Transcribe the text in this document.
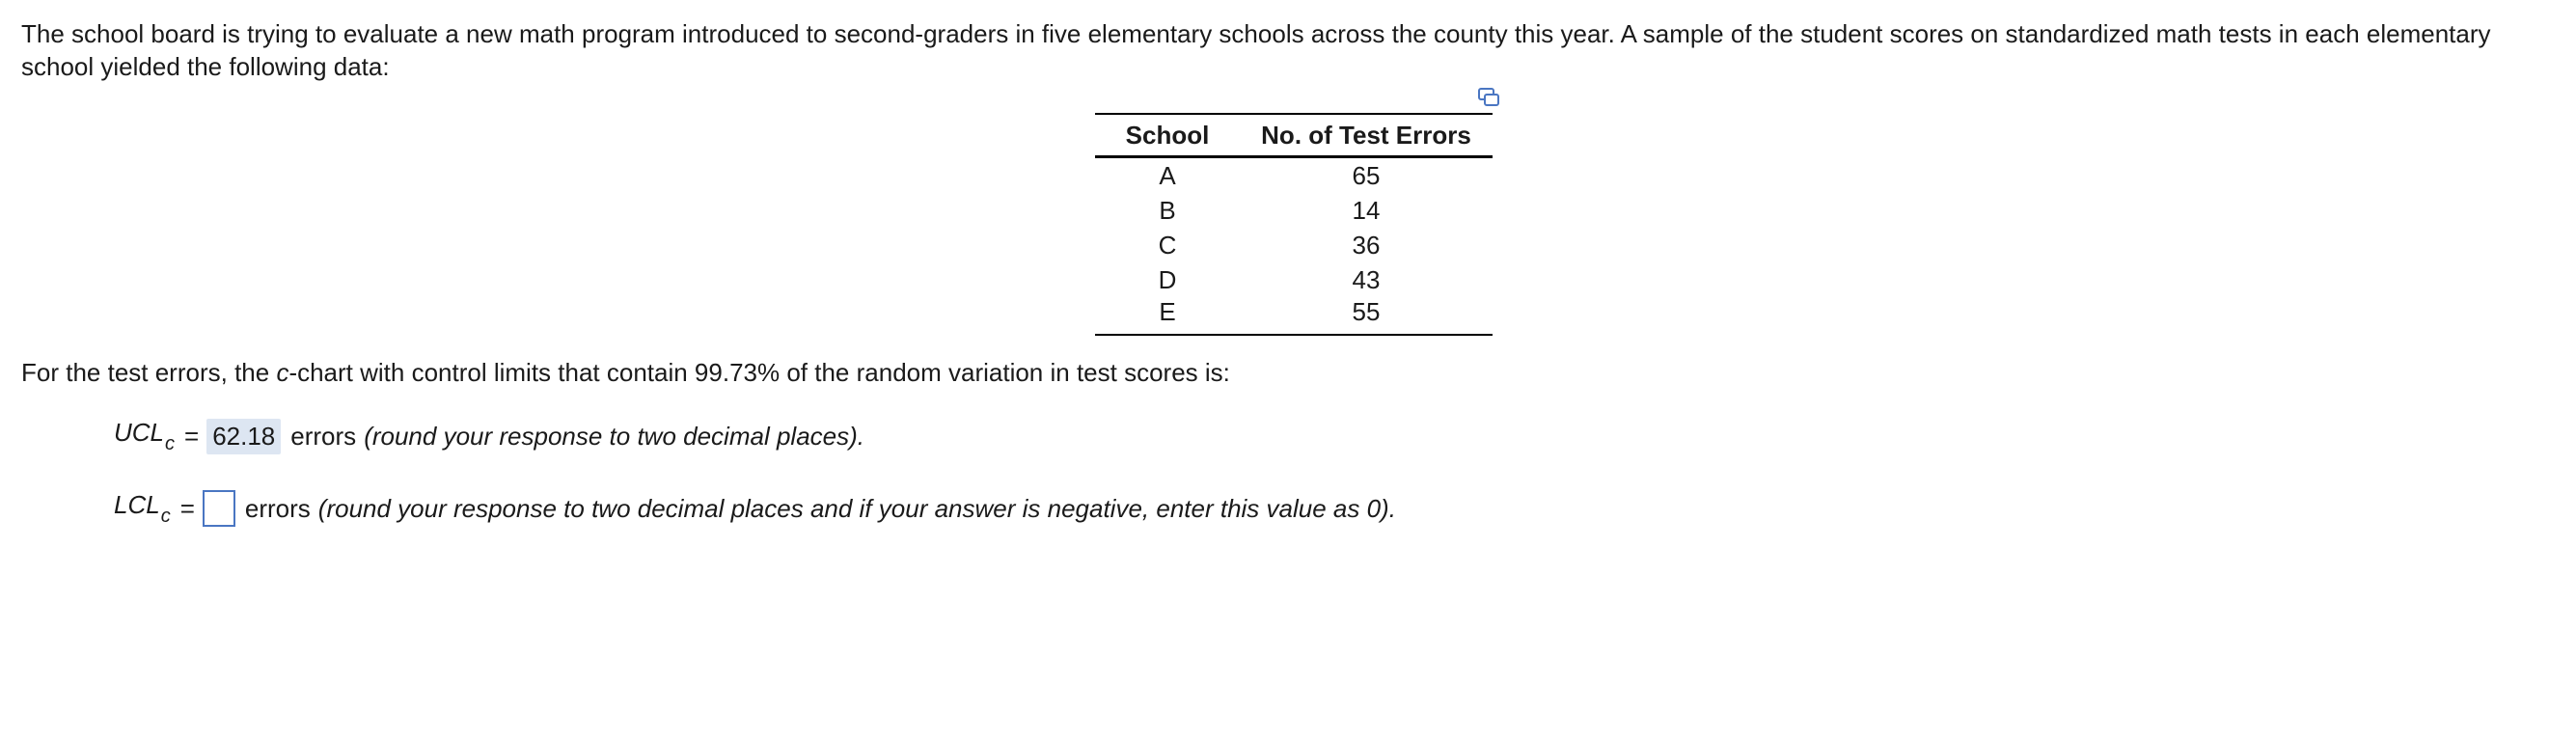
The school board is trying to evaluate a new math program introduced to second-graders in five elementary schools across the county this year. A sample of the student scores on standardized math tests in each elementary school yielded the following data:

School	No. of Test Errors
A	65
B	14
C	36
D	43
E	55

For the test errors, the c-chart with control limits that contain 99.73% of the random variation in test scores is:

$UCL_c = 62.18$ errors (round your response to two decimal places).
$LCL_c$ = errors (round your response to two decimal places and if your answer is negative, enter this value as 0).
